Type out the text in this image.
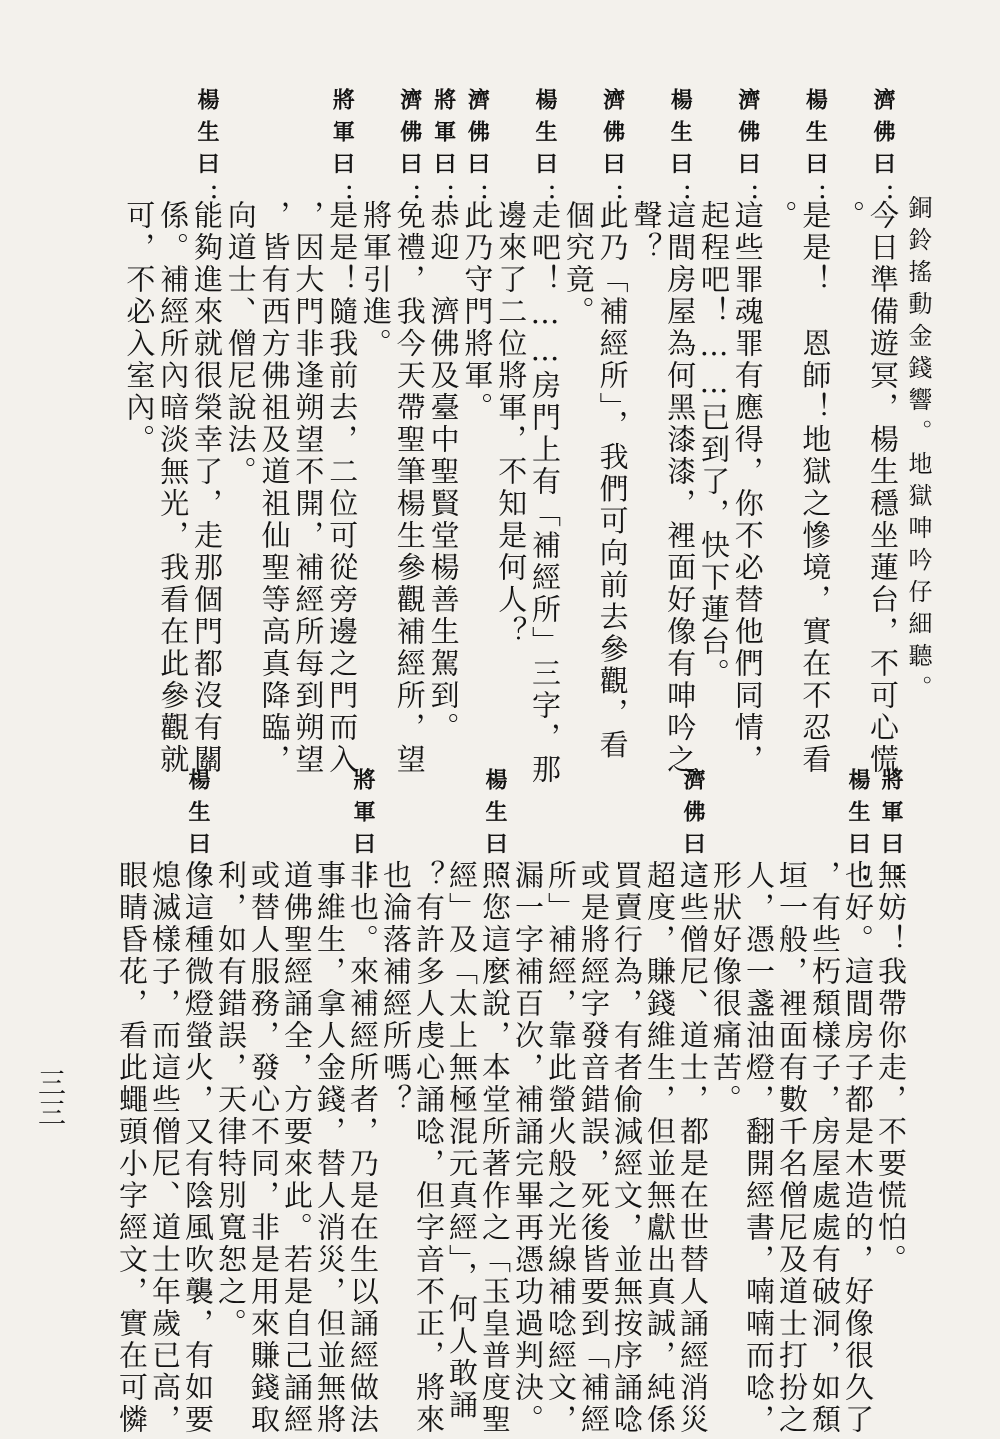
銅鈴搖動金錢響。地獄呻吟仔細聽。
濟佛曰：今日準備遊冥，楊生穩坐蓮台，不可心慌
。
楊生曰：是是！　恩師！地獄之慘境，實在不忍看
。
濟佛曰：這些罪魂罪有應得，你不必替他們同情，
起程吧！……已到了，快下蓮台。
楊生曰：這間房屋為何黑漆漆，裡面好像有呻吟之
聲？
濟佛曰：此乃「補經所」，我們可向前去參觀，看
個究竟。
楊生曰：走吧！……房門上有「補經所」三字，那
邊來了二位將軍，不知是何人？
濟佛曰：此乃守門將軍。
將軍曰：恭迎　濟佛及臺中聖賢堂楊善生駕到。
濟佛曰：免禮，我今天帶聖筆楊生參觀補經所，望
將軍引進。
將軍曰：是是！隨我前去，二位可從旁邊之門而入
，因大門非逢朔望不開，補經所每到朔望
，皆有西方佛祖及道祖仙聖等高真降臨，
向道士、僧尼說法。
楊生曰：能夠進來就很榮幸了，走那個門都沒有關
係。補經所內暗淡無光，我看在此參觀就
可，不必入室內。
將軍曰：無妨！我帶你走，不要慌怕。
楊生曰：也好。這間房子都是木造的，好像很久了
，有些朽頹樣子，房屋處處有破洞，如頹
垣一般，裡面有數千名僧尼及道士打扮之
人，憑一盞油燈，翻開經書，喃喃而唸，
形狀好像很痛苦。
濟佛曰：這些僧尼、道士，都是在世替人誦經消災
超度，賺錢維生，但並無獻出真誠，純係
買賣行為，有者偷減經文，並無按序誦唸
或是將經字發音錯誤，死後皆要到「補經
所」補經，靠此螢火般之光線補唸經文，
漏一字補百次，補誦完畢再憑功過判決。
楊生曰：照您這麼說，本堂所著作之「玉皇普度聖
經」及「太上無極混元真經」，何人敢誦
？有許多人虔心誦唸，但字音不正，將來
也淪落補經所嗎？
將軍曰：非也。來補經所者，乃是在生以誦經做法
事維生，拿人金錢，替人消災，但並無將
道佛聖經誦全，方要來此。若是自己誦經
或替人服務，發心不同，非是用來賺錢取
利，如有錯誤，天律特別寬恕之。
楊生曰：像這種微燈螢火，又有陰風吹襲，有如要
熄滅樣子，而這些僧尼、道士年歲已高，
眼睛昏花，看此蠅頭小字經文，實在可憐
三三
